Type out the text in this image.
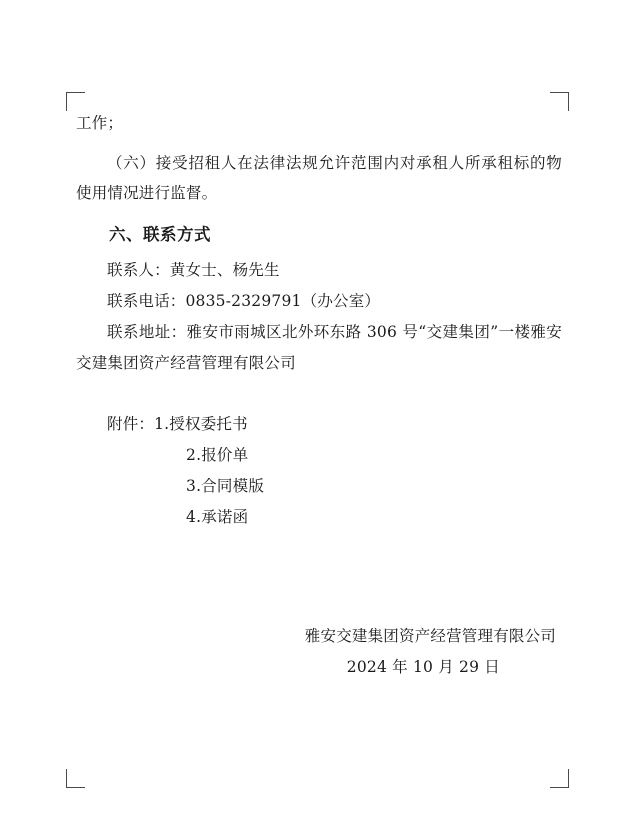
工作；

（六）接受招租人在法律法规允许范围内对承租人所承租标的物使用情况进行监督。

六、联系方式

联系人：黄女士、杨先生

联系电话：0835-2329791（办公室）

联系地址：雅安市雨城区北外环东路 306 号“交建集团”一楼雅安交建集团资产经营管理有限公司

附件：1.授权委托书

2.报价单

3.合同模版

4.承诺函

雅安交建集团资产经营管理有限公司

2024 年 10 月 29 日
